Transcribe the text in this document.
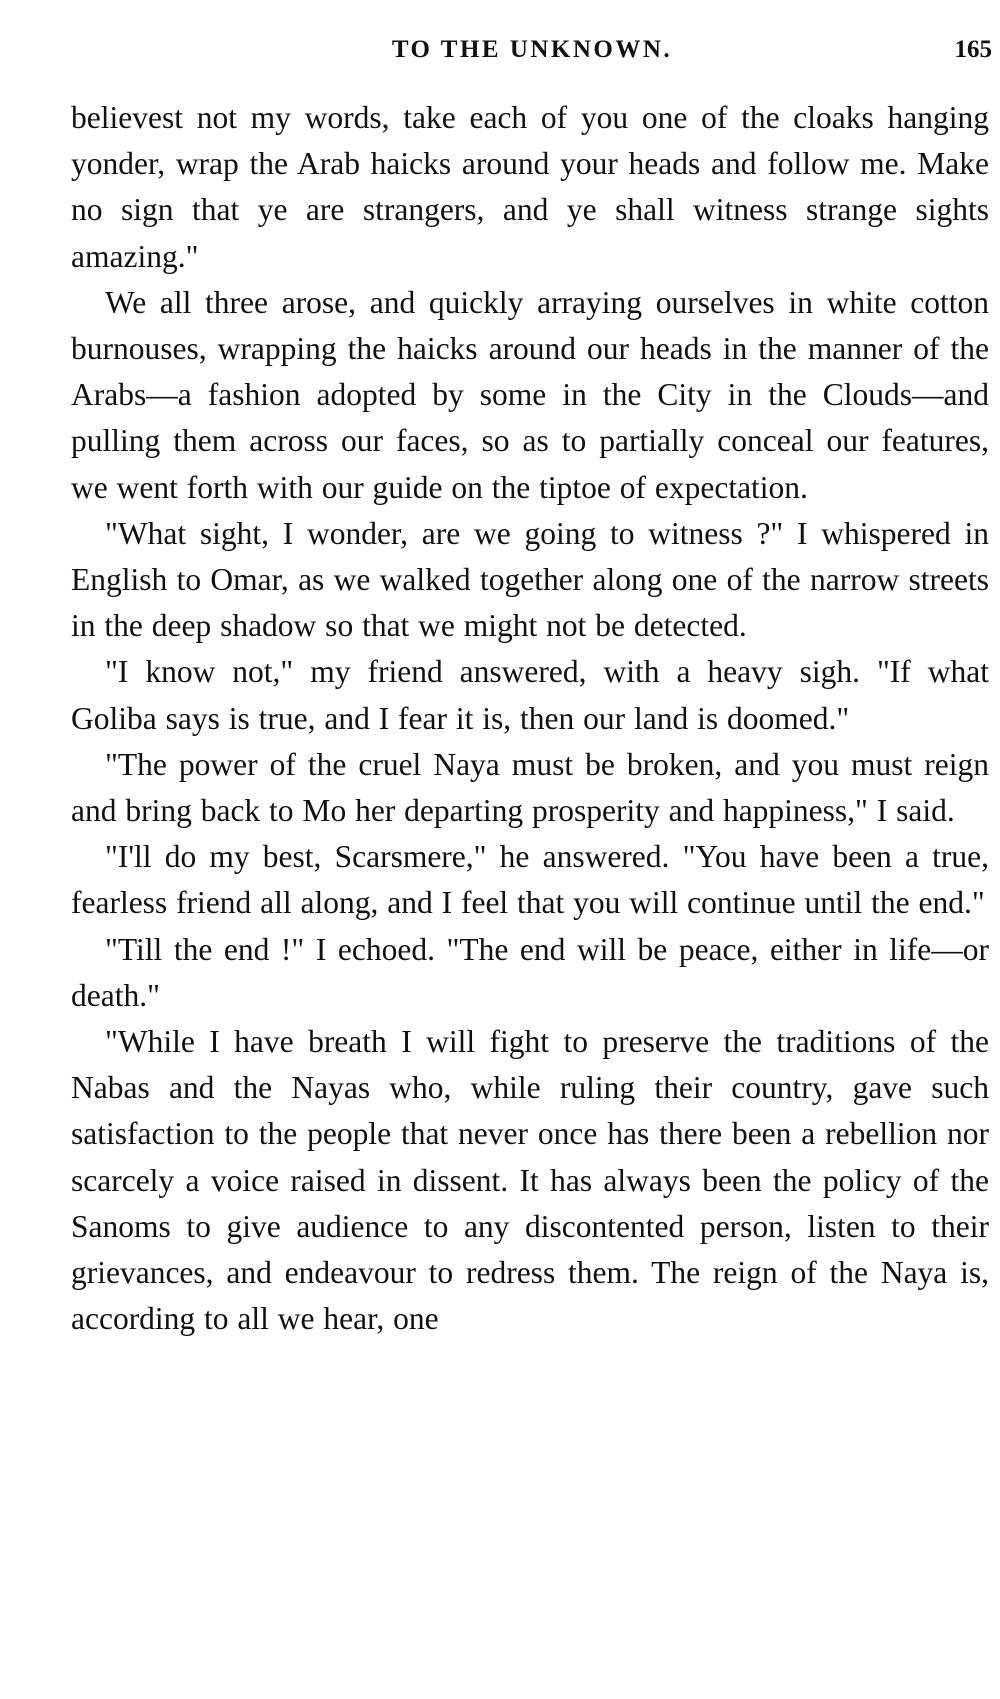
TO THE UNKNOWN.	165

believest not my words, take each of you one of the cloaks hanging yonder, wrap the Arab haicks around your heads and follow me. Make no sign that ye are strangers, and ye shall witness strange sights amazing."

We all three arose, and quickly arraying ourselves in white cotton burnouses, wrapping the haicks around our heads in the manner of the Arabs—a fashion adopted by some in the City in the Clouds—and pulling them across our faces, so as to partially conceal our features, we went forth with our guide on the tiptoe of expectation.

"What sight, I wonder, are we going to witness ?" I whispered in English to Omar, as we walked together along one of the narrow streets in the deep shadow so that we might not be detected.

"I know not," my friend answered, with a heavy sigh. "If what Goliba says is true, and I fear it is, then our land is doomed."

"The power of the cruel Naya must be broken, and you must reign and bring back to Mo her departing prosperity and happiness," I said.

"I'll do my best, Scarsmere," he answered. "You have been a true, fearless friend all along, and I feel that you will continue until the end."

"Till the end !" I echoed. "The end will be peace, either in life—or death."

"While I have breath I will fight to preserve the traditions of the Nabas and the Nayas who, while ruling their country, gave such satisfaction to the people that never once has there been a rebellion nor scarcely a voice raised in dissent. It has always been the policy of the Sanoms to give audience to any discontented person, listen to their grievances, and endeavour to redress them. The reign of the Naya is, according to all we hear, one
